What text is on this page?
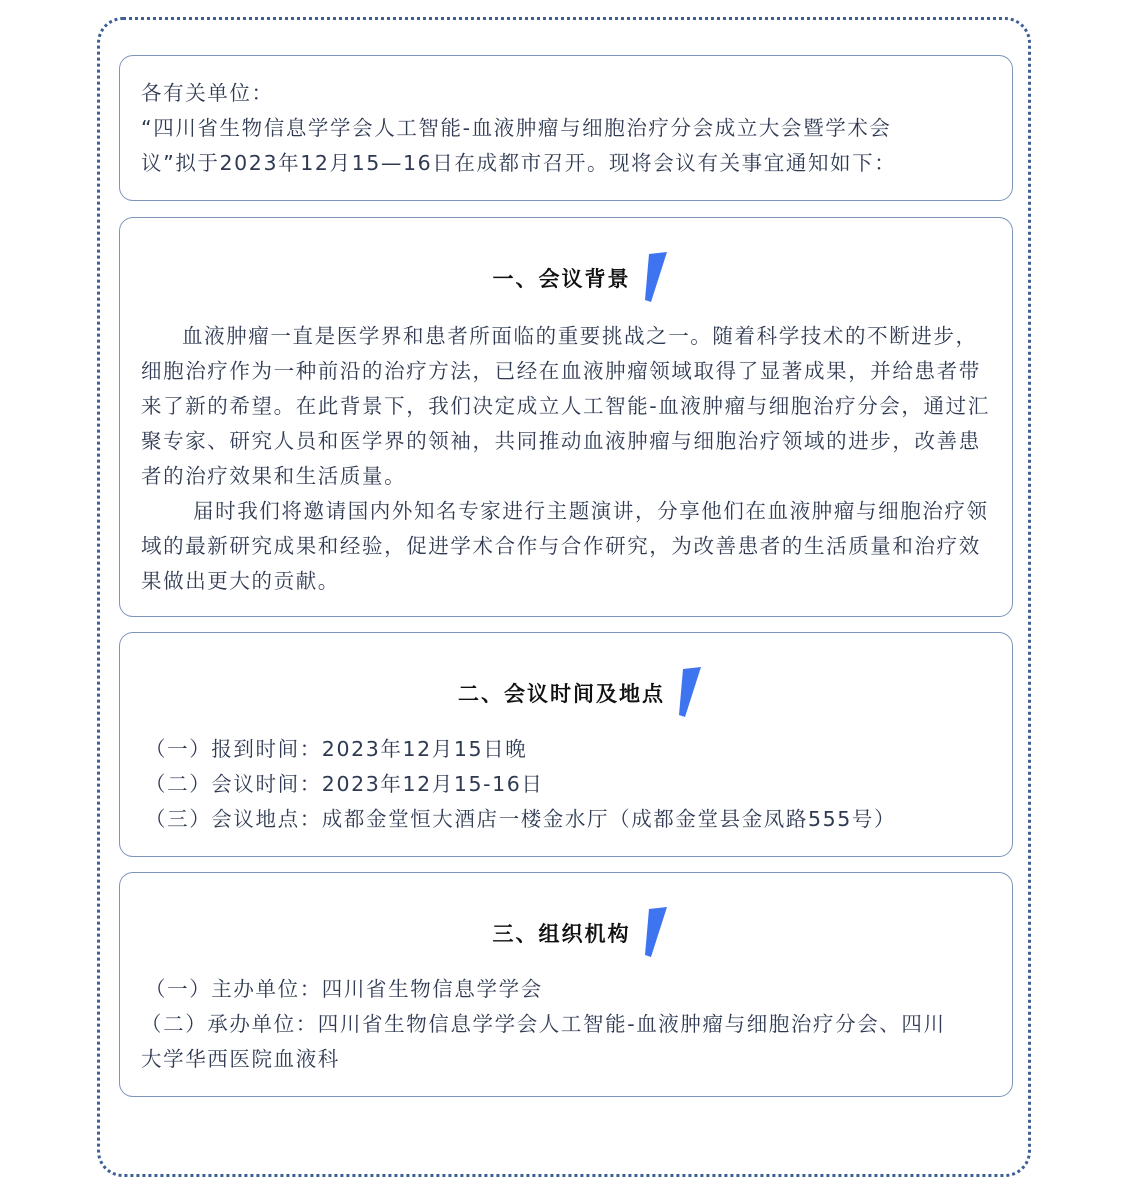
各有关单位：
“四川省生物信息学学会人工智能-血液肿瘤与细胞治疗分会成立大会暨学术会
议”拟于2023年12月15—16日在成都市召开。现将会议有关事宜通知如下：
一、会议背景

血液肿瘤一直是医学界和患者所面临的重要挑战之一。随着科学技术的不断进步，细胞治疗作为一种前沿的治疗方法，已经在血液肿瘤领域取得了显著成果，并给患者带来了新的希望。在此背景下，我们决定成立人工智能-血液肿瘤与细胞治疗分会，通过汇聚专家、研究人员和医学界的领袖，共同推动血液肿瘤与细胞治疗领域的进步，改善患者的治疗效果和生活质量。

届时我们将邀请国内外知名专家进行主题演讲，分享他们在血液肿瘤与细胞治疗领域的最新研究成果和经验，促进学术合作与合作研究，为改善患者的生活质量和治疗效果做出更大的贡献。

二、会议时间及地点
（一）报到时间：2023年12月15日晚
（二）会议时间：2023年12月15-16日
（三）会议地点：成都金堂恒大酒店一楼金水厅（成都金堂县金凤路555号）
三、组织机构
（一）主办单位：四川省生物信息学学会
（二）承办单位：四川省生物信息学学会人工智能-血液肿瘤与细胞治疗分会、四川大学华西医院血液科
